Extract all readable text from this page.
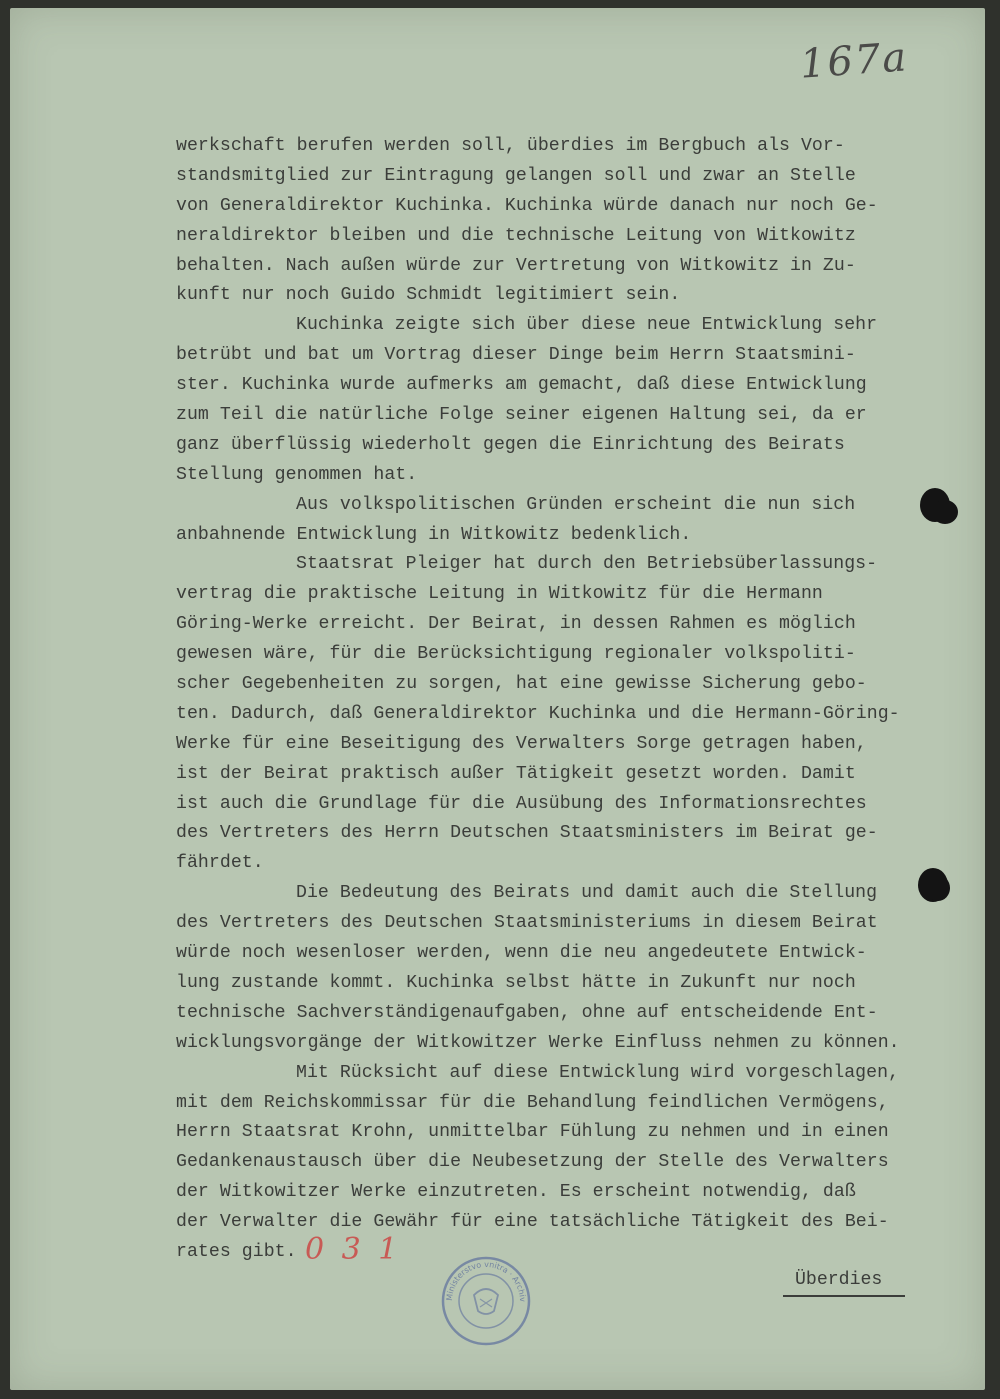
167a
werkschaft berufen werden soll, überdies im Bergbuch als Vor-
standsmitglied zur Eintragung gelangen soll und zwar an Stelle
von Generaldirektor Kuchinka. Kuchinka würde danach nur noch Ge-
neraldirektor bleiben und die technische Leitung von Witkowitz
behalten. Nach außen würde zur Vertretung von Witkowitz in Zu-
kunft nur noch Guido Schmidt legitimiert sein.
Kuchinka zeigte sich über diese neue Entwicklung sehr
betrübt und bat um Vortrag dieser Dinge beim Herrn Staatsmini-
ster. Kuchinka wurde aufmerks am gemacht, daß diese Entwicklung
zum Teil die natürliche Folge seiner eigenen Haltung sei, da er
ganz überflüssig wiederholt gegen die Einrichtung des Beirats
Stellung genommen hat.
Aus volkspolitischen Gründen erscheint die nun sich
anbahnende Entwicklung in Witkowitz bedenklich.
Staatsrat Pleiger hat durch den Betriebsüberlassungs-
vertrag die praktische Leitung in Witkowitz für die Hermann
Göring-Werke erreicht. Der Beirat, in dessen Rahmen es möglich
gewesen wäre, für die Berücksichtigung regionaler volkspoliti-
scher Gegebenheiten zu sorgen, hat eine gewisse Sicherung gebo-
ten. Dadurch, daß Generaldirektor Kuchinka und die Hermann-Göring-
Werke für eine Beseitigung des Verwalters Sorge getragen haben,
ist der Beirat praktisch außer Tätigkeit gesetzt worden. Damit
ist auch die Grundlage für die Ausübung des Informationsrechtes
des Vertreters des Herrn Deutschen Staatsministers im Beirat ge-
fährdet.
Die Bedeutung des Beirats und damit auch die Stellung
des Vertreters des Deutschen Staatsministeriums in diesem Beirat
würde noch wesenloser werden, wenn die neu angedeutete Entwick-
lung zustande kommt. Kuchinka selbst hätte in Zukunft nur noch
technische Sachverständigenaufgaben, ohne auf entscheidende Ent-
wicklungsvorgänge der Witkowitzer Werke Einfluss nehmen zu können.
Mit Rücksicht auf diese Entwicklung wird vorgeschlagen,
mit dem Reichskommissar für die Behandlung feindlichen Vermögens,
Herrn Staatsrat Krohn, unmittelbar Fühlung zu nehmen und in einen
Gedankenaustausch über die Neubesetzung der Stelle des Verwalters
der Witkowitzer Werke einzutreten. Es erscheint notwendig, daß
der Verwalter die Gewähr für eine tatsächliche Tätigkeit des Bei-
rates gibt. 0 3 1
Ministerstvo vnitra · Archiv
Überdies
